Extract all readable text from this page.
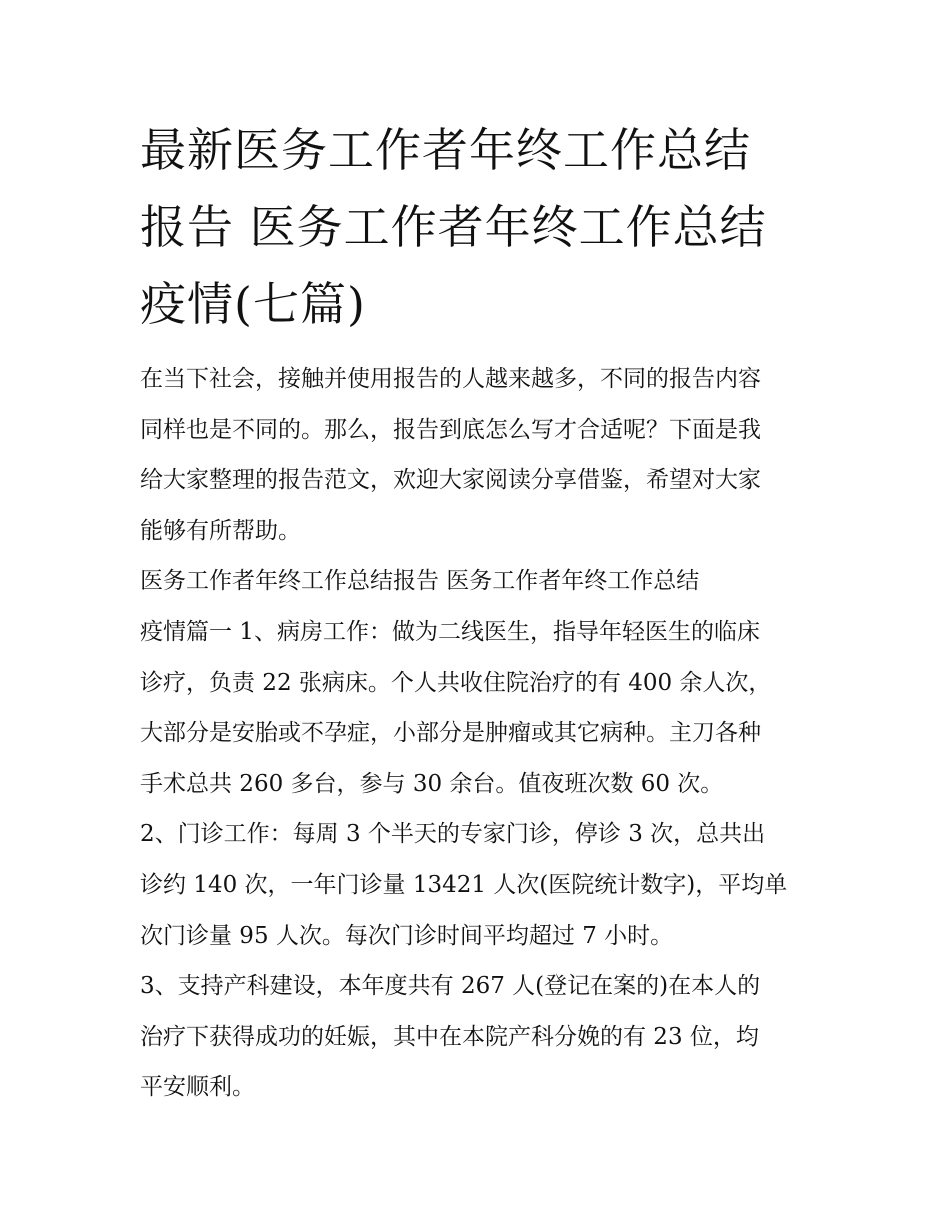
最新医务工作者年终工作总结
报告 医务工作者年终工作总结
疫情(七篇)
在当下社会，接触并使用报告的人越来越多，不同的报告内容
同样也是不同的。那么，报告到底怎么写才合适呢？下面是我
给大家整理的报告范文，欢迎大家阅读分享借鉴，希望对大家
能够有所帮助。
医务工作者年终工作总结报告 医务工作者年终工作总结
疫情篇一 1、病房工作：做为二线医生，指导年轻医生的临床
诊疗，负责 22 张病床。个人共收住院治疗的有 400 余人次，
大部分是安胎或不孕症，小部分是肿瘤或其它病种。主刀各种
手术总共 260 多台，参与 30 余台。值夜班次数 60 次。
2、门诊工作：每周 3 个半天的专家门诊，停诊 3 次，总共出
诊约 140 次，一年门诊量 13421 人次(医院统计数字)，平均单
次门诊量 95 人次。每次门诊时间平均超过 7 小时。
3、支持产科建设，本年度共有 267 人(登记在案的)在本人的
治疗下获得成功的妊娠，其中在本院产科分娩的有 23 位，均
平安顺利。
